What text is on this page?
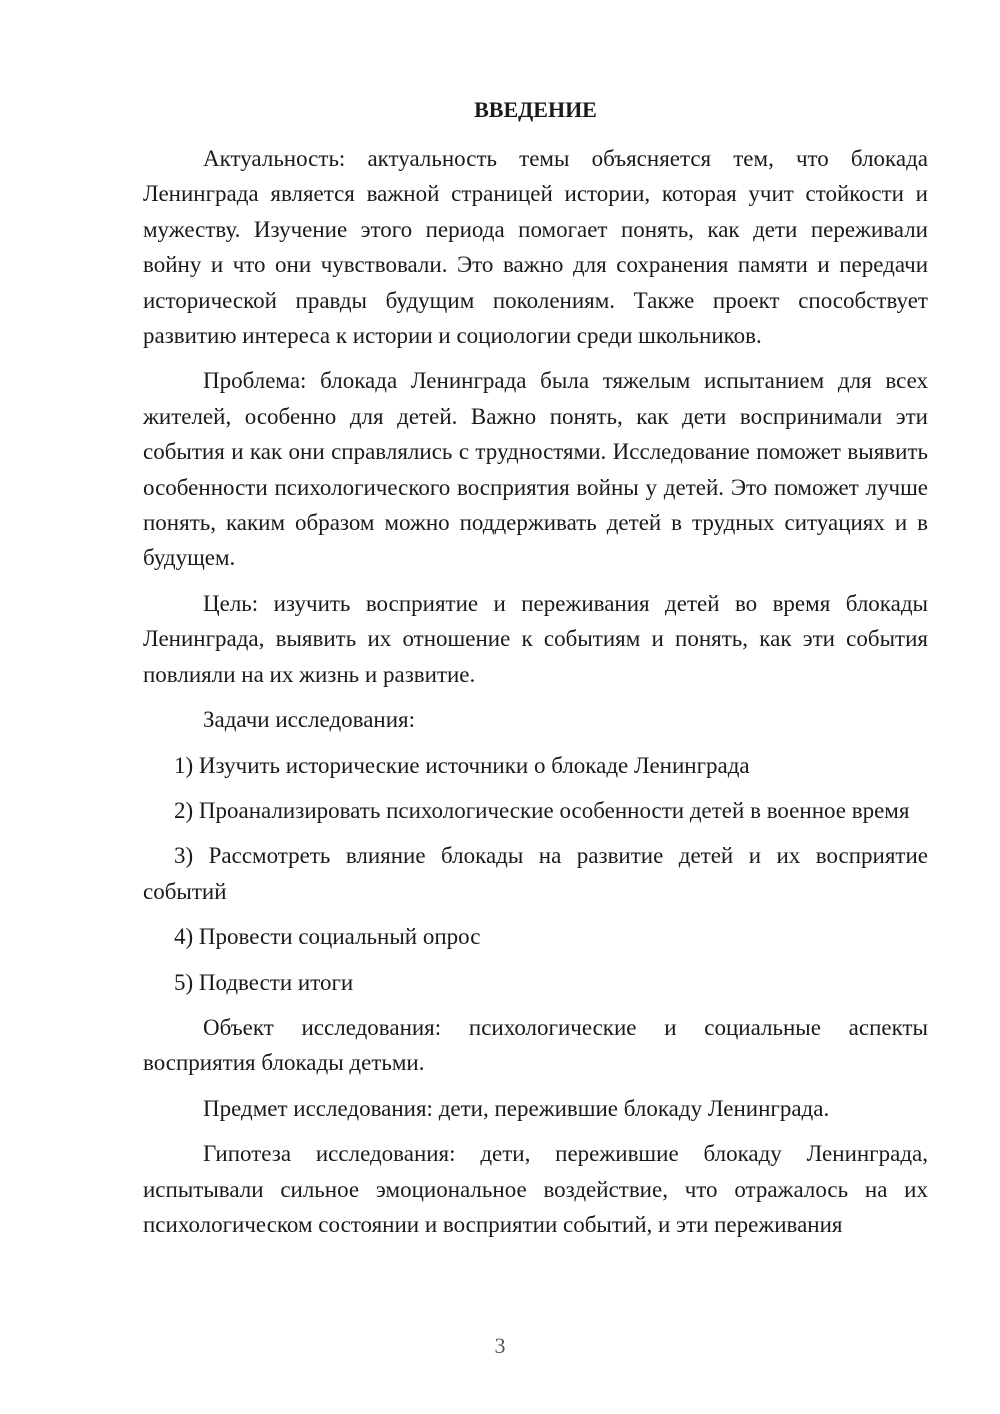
ВВЕДЕНИЕ

Актуальность: актуальность темы объясняется тем, что блокада Ленинграда является важной страницей истории, которая учит стойкости и мужеству. Изучение этого периода помогает понять, как дети переживали войну и что они чувствовали. Это важно для сохранения памяти и передачи исторической правды будущим поколениям. Также проект способствует развитию интереса к истории и социологии среди школьников.

Проблема: блокада Ленинграда была тяжелым испытанием для всех жителей, особенно для детей. Важно понять, как дети воспринимали эти события и как они справлялись с трудностями. Исследование поможет выявить особенности психологического восприятия войны у детей. Это поможет лучше понять, каким образом можно поддерживать детей в трудных ситуациях и в будущем.

Цель: изучить восприятие и переживания детей во время блокады Ленинграда, выявить их отношение к событиям и понять, как эти события повлияли на их жизнь и развитие.

Задачи исследования:

1) Изучить исторические источники о блокаде Ленинграда

2) Проанализировать психологические особенности детей в военное время

3) Рассмотреть влияние блокады на развитие детей и их восприятие событий

4) Провести социальный опрос

5) Подвести итоги

Объект исследования: психологические и социальные аспекты восприятия блокады детьми.

Предмет исследования: дети, пережившие блокаду Ленинграда.

Гипотеза исследования: дети, пережившие блокаду Ленинграда, испытывали сильное эмоциональное воздействие, что отражалось на их психологическом состоянии и восприятии событий, и эти переживания

3
